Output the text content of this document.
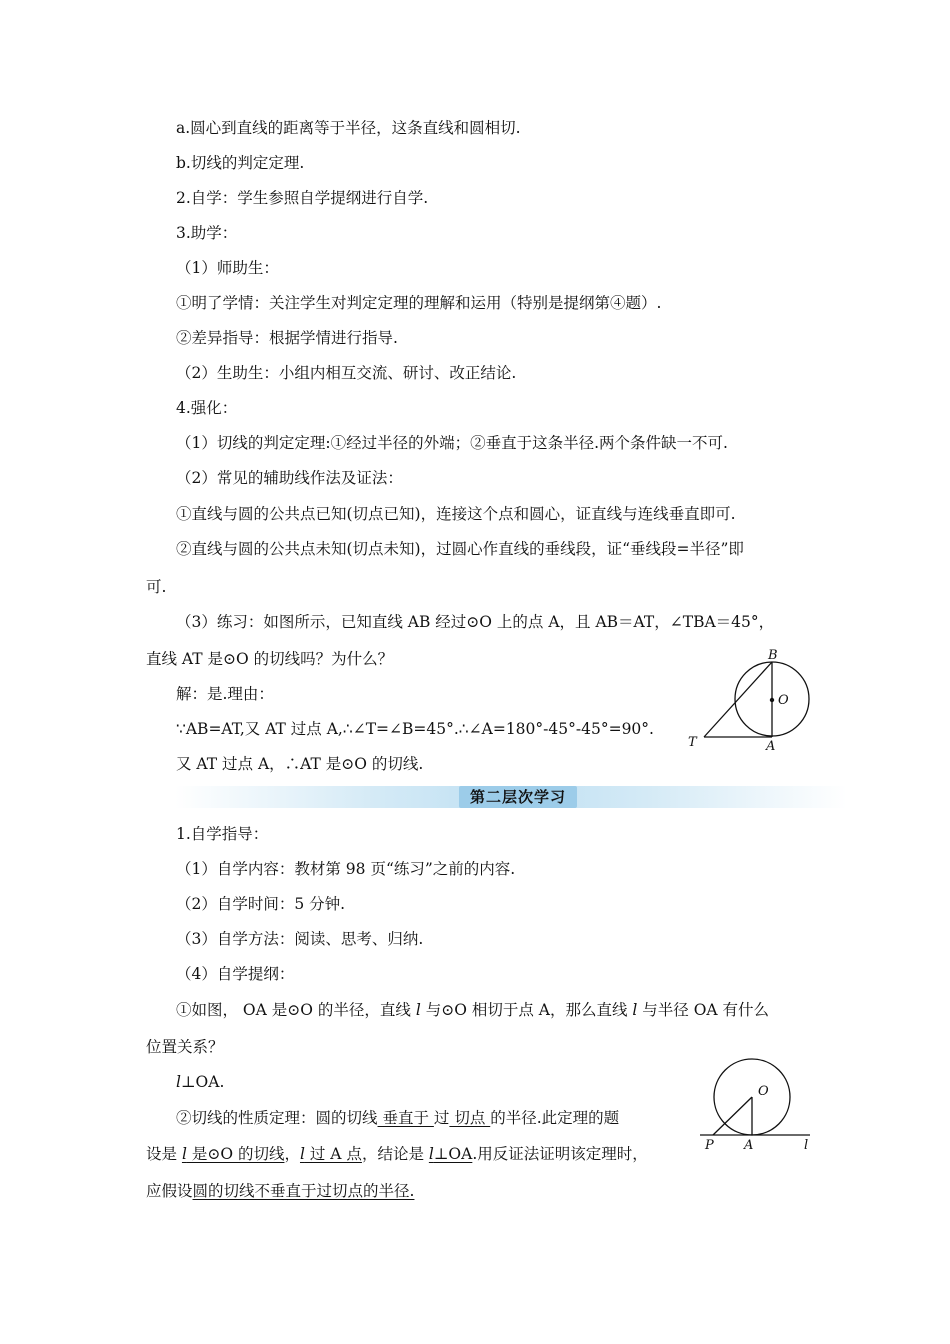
a.圆心到直线的距离等于半径，这条直线和圆相切.
b.切线的判定定理.
2.自学：学生参照自学提纲进行自学.
3.助学：
（1）师助生：
①明了学情：关注学生对判定定理的理解和运用（特别是提纲第④题）.
②差异指导：根据学情进行指导.
（2）生助生：小组内相互交流、研讨、改正结论.
4.强化：
（1）切线的判定定理:①经过半径的外端；②垂直于这条半径.两个条件缺一不可.
（2）常见的辅助线作法及证法：
①直线与圆的公共点已知(切点已知)，连接这个点和圆心，证直线与连线垂直即可.
②直线与圆的公共点未知(切点未知)，过圆心作直线的垂线段，证“垂线段=半径”即
可.
（3）练习：如图所示，已知直线 AB 经过⊙O 上的点 A，且 AB＝AT，∠TBA＝45°，
直线 AT 是⊙O 的切线吗？为什么？
解：是.理由：
∵AB=AT,又 AT 过点 A,∴∠T=∠B=45°.∴∠A=180°-45°-45°=90°.
又 AT 过点 A，∴AT 是⊙O 的切线.
B
O
T	A
第二层次学习
1.自学指导：
（1）自学内容：教材第 98 页“练习”之前的内容.
（2）自学时间：5 分钟.
（3）自学方法：阅读、思考、归纳.
（4）自学提纲：
①如图， OA 是⊙O 的半径，直线 l 与⊙O 相切于点 A，那么直线 l 与半径 OA 有什么
位置关系？
l⊥OA.
②切线的性质定理：圆的切线 垂直于 过 切点 的半径.此定理的题
设是 l 是⊙O 的切线，l 过 A 点，结论是 l⊥OA.用反证法证明该定理时，
应假设圆的切线不垂直于过切点的半径.
O
P A	l
